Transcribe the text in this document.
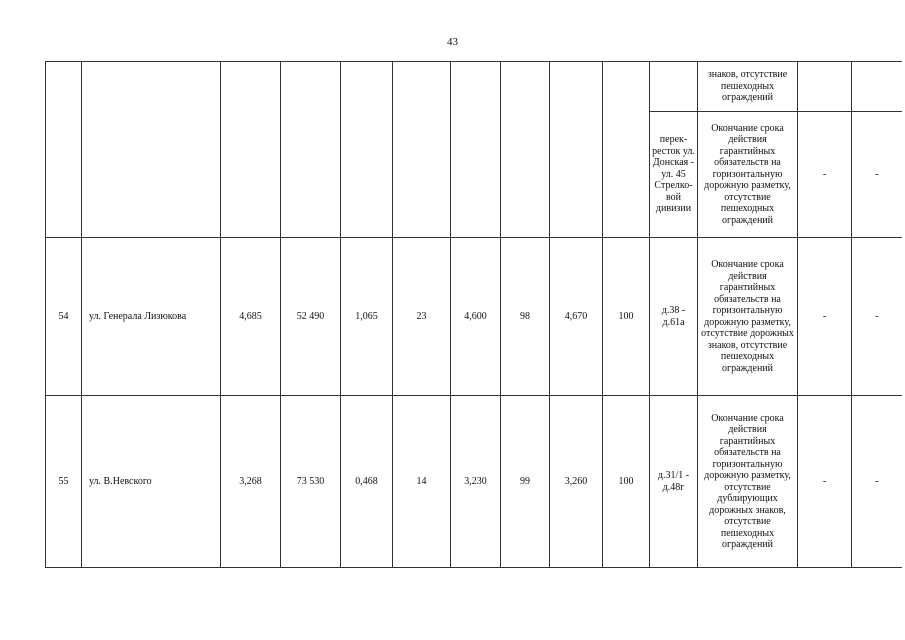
43
											знаков, отсутствие пешеходных ограждений		
										перек-ресток ул. Донская - ул. 45 Стрелко-вой дивизии	Окончание срока действия гарантийных обязательств на горизонтальную дорожную разметку, отсутствие пешеходных ограждений	-	-
54	ул. Генерала Лизюкова	4,685	52 490	1,065	23	4,600	98	4,670	100	д.38 - д.61а	Окончание срока действия гарантийных обязательств на горизонтальную дорожную разметку, отсутствие дорожных знаков, отсутствие пешеходных ограждений	-	-
55	ул. В.Невского	3,268	73 530	0,468	14	3,230	99	3,260	100	д.31/1 - д.48г	Окончание срока действия гарантийных обязательств на горизонтальную дорожную разметку, отсутствие дублирующих дорожных знаков, отсутствие пешеходных ограждений	-	-
